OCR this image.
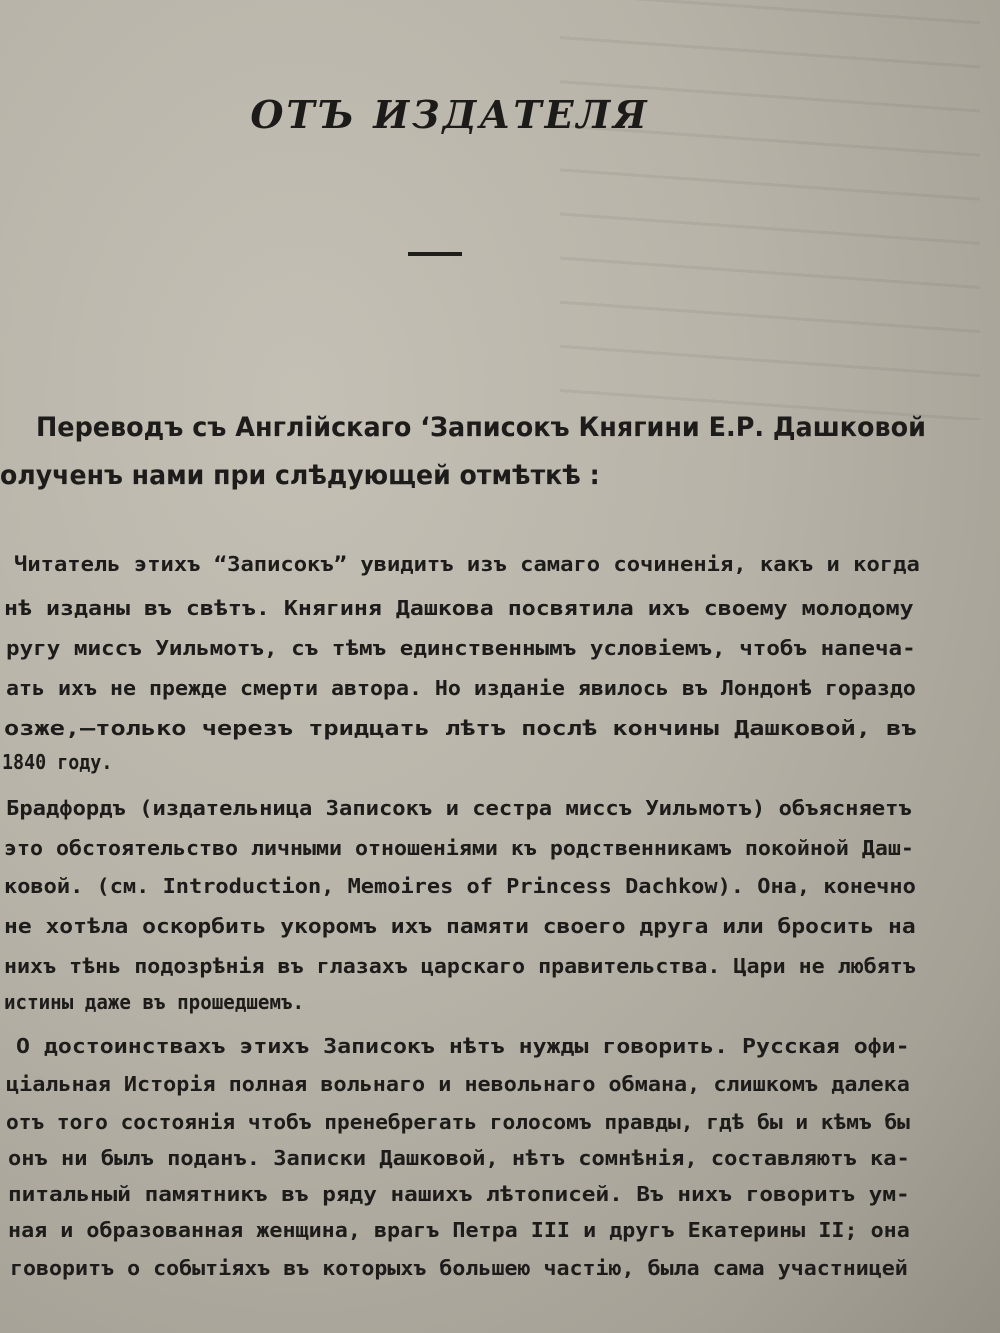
ОТЪ ИЗДАТЕЛЯ
Переводъ съ Англійскаго ‘Записокъ Княгини Е.Р. Дашковой
олученъ нами при слѣдующей отмѣткѣ :
Читатель этихъ “Записокъ” увидитъ изъ самаго сочиненія, какъ и когда
нѣ изданы въ свѣтъ. Княгиня Дашкова посвятила ихъ своему молодому
ругу миссъ Уильмотъ, съ тѣмъ единственнымъ условіемъ, чтобъ напеча-
ать ихъ не прежде смерти автора. Но изданіе явилось въ Лондонѣ гораздо
озже,—только черезъ тридцать лѣтъ послѣ кончины Дашковой, въ
1840 году.
Брадфордъ (издательница Записокъ и сестра миссъ Уильмотъ) объясняетъ
это обстоятельство личными отношеніями къ родственникамъ покойной Даш-
ковой. (см. Introduction, Memoires of Princess Dachkow). Она, конечно
не хотѣла оскорбить укоромъ ихъ памяти своего друга или бросить на
нихъ тѣнь подозрѣнія въ глазахъ царскаго правительства. Цари не любятъ
истины даже въ прошедшемъ.
О достоинствахъ этихъ Записокъ нѣтъ нужды говорить. Русская офи-
ціальная Исторія полная вольнаго и невольнаго обмана, слишкомъ далека
отъ того состоянія чтобъ пренебрегать голосомъ правды, гдѣ бы и кѣмъ бы
онъ ни былъ поданъ. Записки Дашковой, нѣтъ сомнѣнія, составляютъ ка-
питальный памятникъ въ ряду нашихъ лѣтописей. Въ нихъ говоритъ ум-
ная и образованная женщина, врагъ Петра III и другъ Екатерины II; она
говоритъ о событіяхъ въ которыхъ большею частію, была сама участницей
